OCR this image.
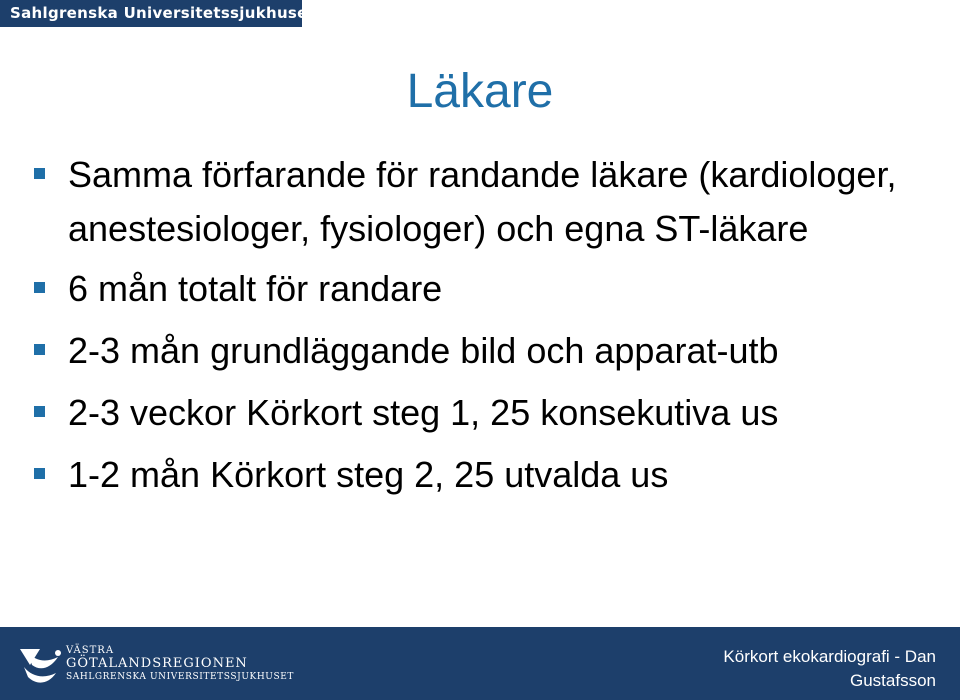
Sahlgrenska Universitetssjukhuset
Läkare
Samma förfarande för randande läkare (kardiologer, anestesiologer, fysiologer) och egna ST-läkare
6 mån totalt för randare
2-3 mån grundläggande bild och apparat-utb
2-3 veckor Körkort steg 1, 25 konsekutiva us
1-2 mån Körkort steg 2, 25 utvalda us
VÄSTRA
GÖTALANDSREGIONEN
SAHLGRENSKA UNIVERSITETSSJUKHUSET
Körkort ekokardiografi - Dan Gustafsson
